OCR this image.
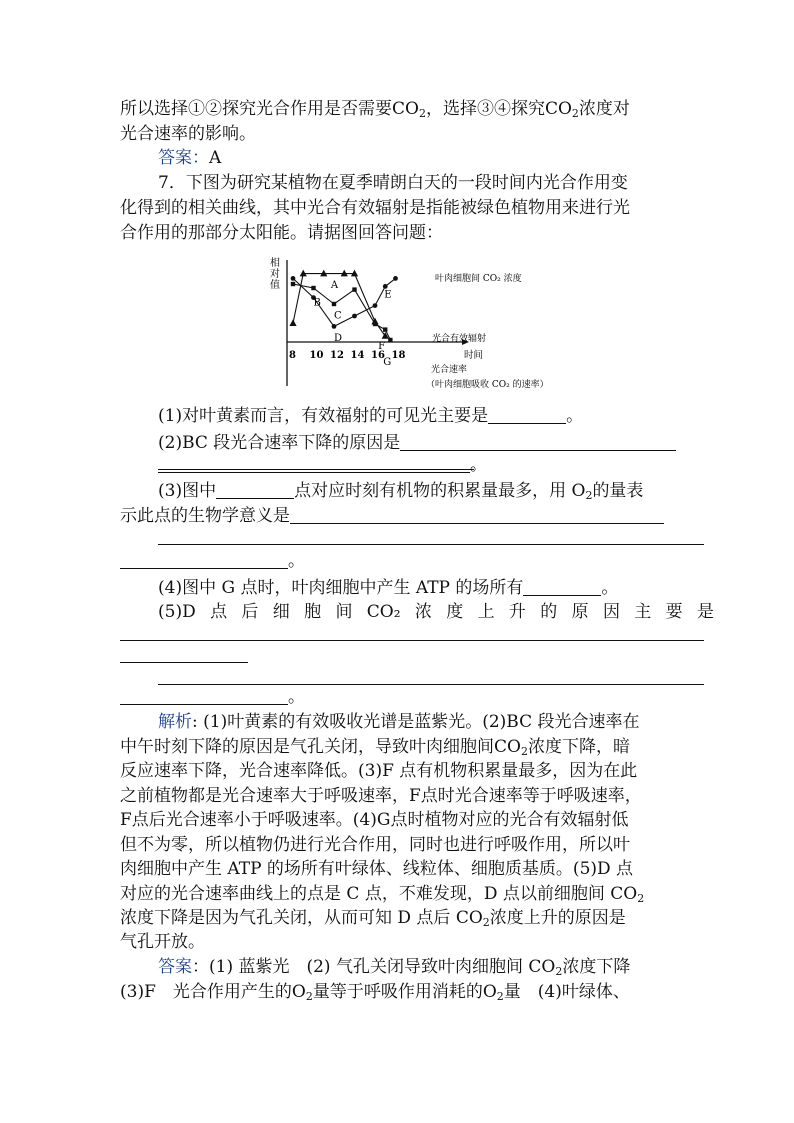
所以选择①②探究光合作用是否需要$CO_2$，选择③④探究$CO_2$浓度对
光合速率的影响。
答案：A
7．下图为研究某植物在夏季晴朗白天的一段时间内光合作用变
化得到的相关曲线，其中光合有效辐射是指能被绿色植物用来进行光
合作用的那部分太阳能。请据图回答问题：
相
对
值
8 10 12 14 16 18	时间
A
B
C
D
E
F
G
叶肉细胞间 CO₂ 浓度
光合有效辐射
光合速率
（叶肉细胞吸收 CO₂ 的速率）
(1)对叶黄素而言，有效福射的可见光主要是	。
(2)BC 段光合速率下降的原因是
。
(3)图中	点对应时刻有机物的积累量最多，用 $O_2$的量表
示此点的生物学意义是
。
(4)图中 G 点时，叶肉细胞中产生 ATP 的场所有	。
(5)D 点 后 细 胞 间 CO₂ 浓 度 上 升 的 原 因 主 要 是
。
解析: (1)叶黄素的有效吸收光谱是蓝紫光。(2)BC 段光合速率在
中午时刻下降的原因是气孔关闭，导致叶肉细胞间$CO_2$浓度下降，暗
反应速率下降，光合速率降低。(3)F 点有机物积累量最多，因为在此
之前植物都是光合速率大于呼吸速率，F点时光合速率等于呼吸速率，
F点后光合速率小于呼吸速率。(4)G点时植物对应的光合有效辐射低
但不为零，所以植物仍进行光合作用，同时也进行呼吸作用，所以叶
肉细胞中产生 ATP 的场所有叶绿体、线粒体、细胞质基质。(5)D 点
对应的光合速率曲线上的点是 C 点，不难发现，D 点以前细胞间 $CO_2$
浓度下降是因为气孔关闭，从而可知 D 点后 $CO_2$浓度上升的原因是
气孔开放。
答案：(1) 蓝紫光　(2) 气孔关闭导致叶肉细胞间 $CO_2$浓度下降
(3)F　光合作用产生的$O_2$量等于呼吸作用消耗的$O_2$量　(4)叶绿体、
